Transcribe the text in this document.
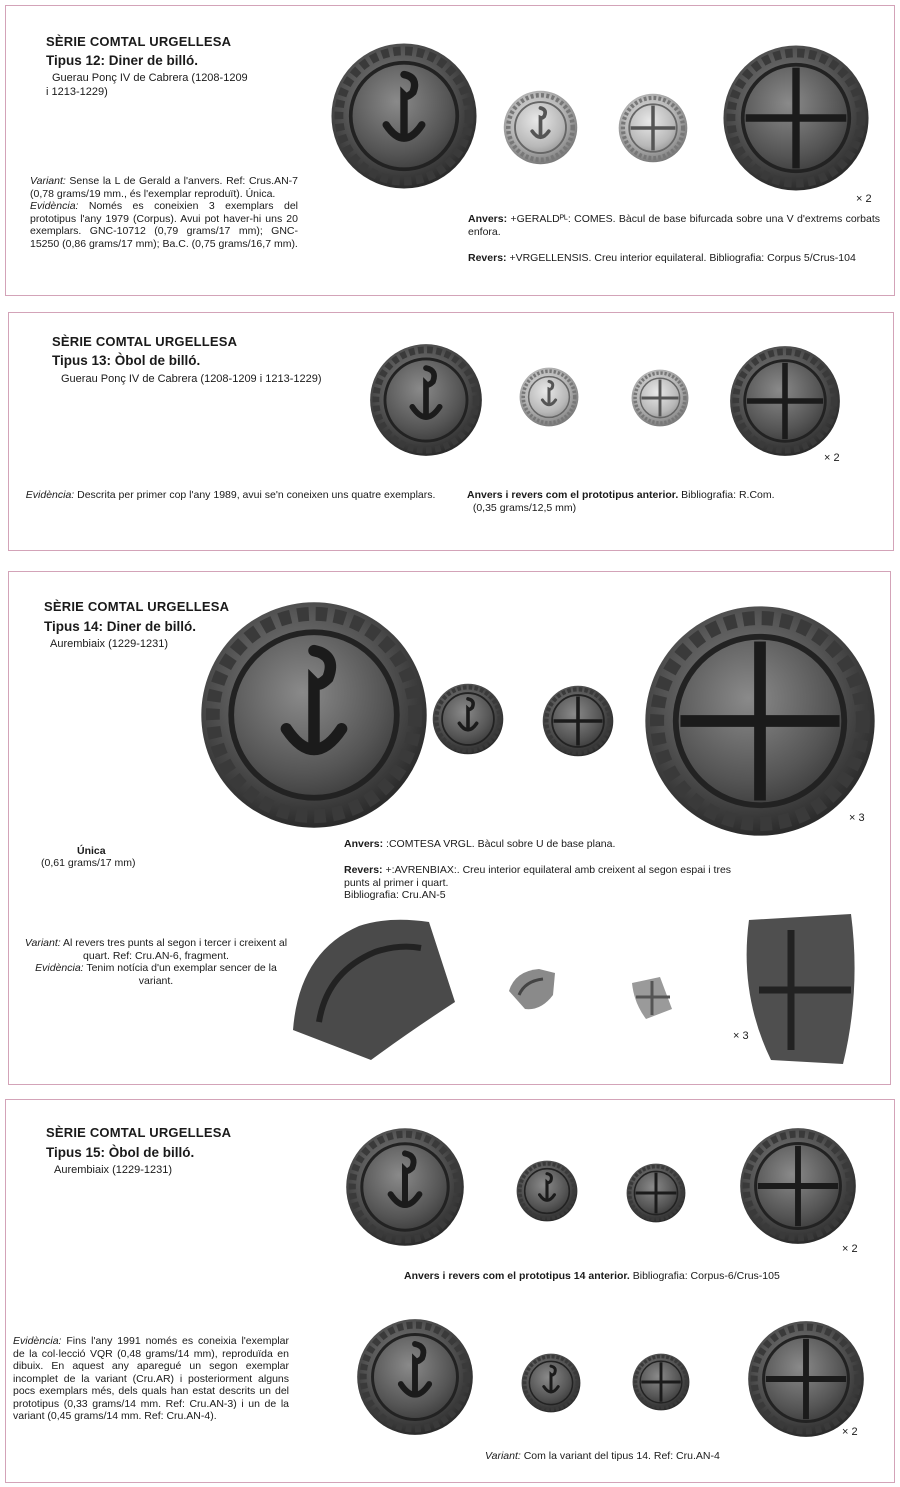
SÈRIE COMTAL URGELLESA
Tipus 12: Diner de billó.
Guerau Ponç IV de Cabrera (1208-1209
i 1213-1229)
Variant: Sense la L de Gerald a l'anvers. Ref: Crus.AN-7 (0,78 grams/19 mm., és l'exemplar reproduït). Única.
Evidència: Només es coneixien 3 exemplars del prototipus l'any 1979 (Corpus). Avui pot haver-hi uns 20 exemplars. GNC-10712 (0,79 grams/17 mm); GNC-15250 (0,86 grams/17 mm); Ba.C. (0,75 grams/16,7 mm).
× 2
Anvers: +GERALDᴾᴸ: COMES. Bàcul de base bifurcada sobre una V d'extrems corbats enfora.
Revers: +VRGELLENSIS. Creu interior equilateral. Bibliografia: Corpus 5/Crus-104
SÈRIE COMTAL URGELLESA
Tipus 13: Òbol de billó.
Guerau Ponç IV de Cabrera (1208-1209 i 1213-1229)
× 2
Evidència: Descrita per primer cop l'any 1989, avui se'n coneixen uns quatre exemplars.	Anvers i revers com el prototipus anterior. Bibliografia: R.Com.
(0,35 grams/12,5 mm)
SÈRIE COMTAL URGELLESA
Tipus 14: Diner de billó.
Aurembiaix (1229-1231)
× 3
Única
(0,61 grams/17 mm)
Anvers: :COMTESA VRGL. Bàcul sobre U de base plana.
Revers: +:AVRENBIAX:. Creu interior equilateral amb creixent al segon espai i tres punts al primer i quart.
Bibliografia: Cru.AN-5
Variant: Al revers tres punts al segon i tercer i creixent al quart. Ref: Cru.AN-6, fragment.
Evidència: Tenim notícia d'un exemplar sencer de la variant.
× 3
SÈRIE COMTAL URGELLESA
Tipus 15: Òbol de billó.
Aurembiaix (1229-1231)
× 2
Anvers i revers com el prototipus 14 anterior. Bibliografia: Corpus-6/Crus-105
× 2
Evidència: Fins l'any 1991 només es coneixia l'exemplar de la col·lecció VQR (0,48 grams/14 mm), reproduïda en dibuix. En aquest any aparegué un segon exemplar incomplet de la variant (Cru.AR) i posteriorment alguns pocs exemplars més, dels quals han estat descrits un del prototipus (0,33 grams/14 mm. Ref: Cru.AN-3) i un de la variant (0,45 grams/14 mm. Ref: Cru.AN-4).
Variant: Com la variant del tipus 14. Ref: Cru.AN-4
